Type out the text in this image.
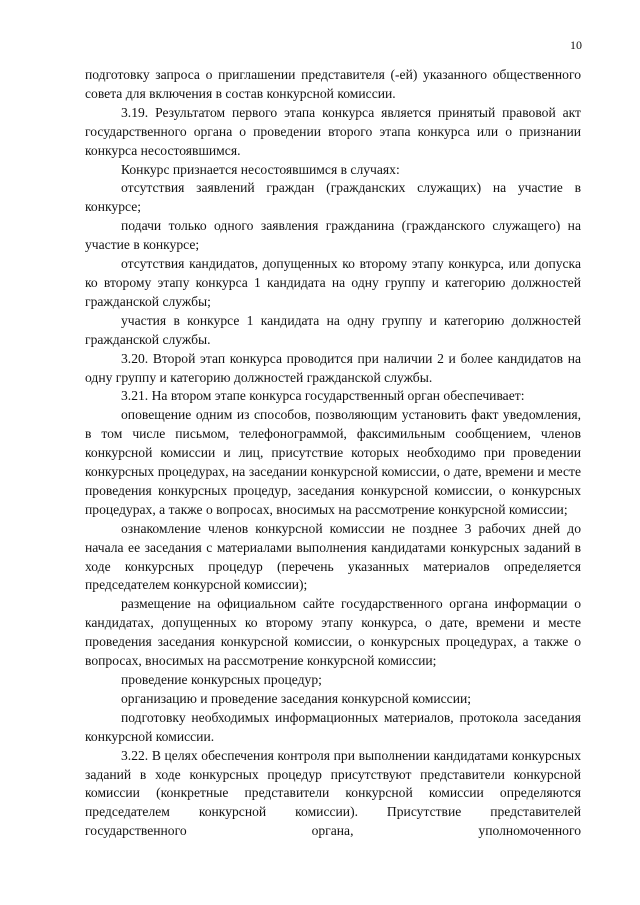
10

подготовку запроса о приглашении представителя (-ей) указанного общественного совета для включения в состав конкурсной комиссии.

3.19. Результатом первого этапа конкурса является принятый правовой акт государственного органа о проведении второго этапа конкурса или о признании конкурса несостоявшимся.

Конкурс признается несостоявшимся в случаях:

отсутствия заявлений граждан (гражданских служащих) на участие в конкурсе;

подачи только одного заявления гражданина (гражданского служащего) на участие в конкурсе;

отсутствия кандидатов, допущенных ко второму этапу конкурса, или допуска ко второму этапу конкурса 1 кандидата на одну группу и категорию должностей гражданской службы;

участия в конкурсе 1 кандидата на одну группу и категорию должностей гражданской службы.

3.20. Второй этап конкурса проводится при наличии 2 и более кандидатов на одну группу и категорию должностей гражданской службы.

3.21. На втором этапе конкурса государственный орган обеспечивает:

оповещение одним из способов, позволяющим установить факт уведомления, в том числе письмом, телефонограммой, факсимильным сообщением, членов конкурсной комиссии и лиц, присутствие которых необходимо при проведении конкурсных процедурах, на заседании конкурсной комиссии, о дате, времени и месте проведения конкурсных процедур, заседания конкурсной комиссии, о конкурсных процедурах, а также о вопросах, вносимых на рассмотрение конкурсной комиссии;

ознакомление членов конкурсной комиссии не позднее 3 рабочих дней до начала ее заседания с материалами выполнения кандидатами конкурсных заданий в ходе конкурсных процедур (перечень указанных материалов определяется председателем конкурсной комиссии);

размещение на официальном сайте государственного органа информации о кандидатах, допущенных ко второму этапу конкурса, о дате, времени и месте проведения заседания конкурсной комиссии, о конкурсных процедурах, а также о вопросах, вносимых на рассмотрение конкурсной комиссии;

проведение конкурсных процедур;

организацию и проведение заседания конкурсной комиссии;

подготовку необходимых информационных материалов, протокола заседания конкурсной комиссии.

3.22. В целях обеспечения контроля при выполнении кандидатами конкурсных заданий в ходе конкурсных процедур присутствуют представители конкурсной комиссии (конкретные представители конкурсной комиссии определяются председателем конкурсной комиссии). Присутствие представителей государственного органа, уполномоченного
